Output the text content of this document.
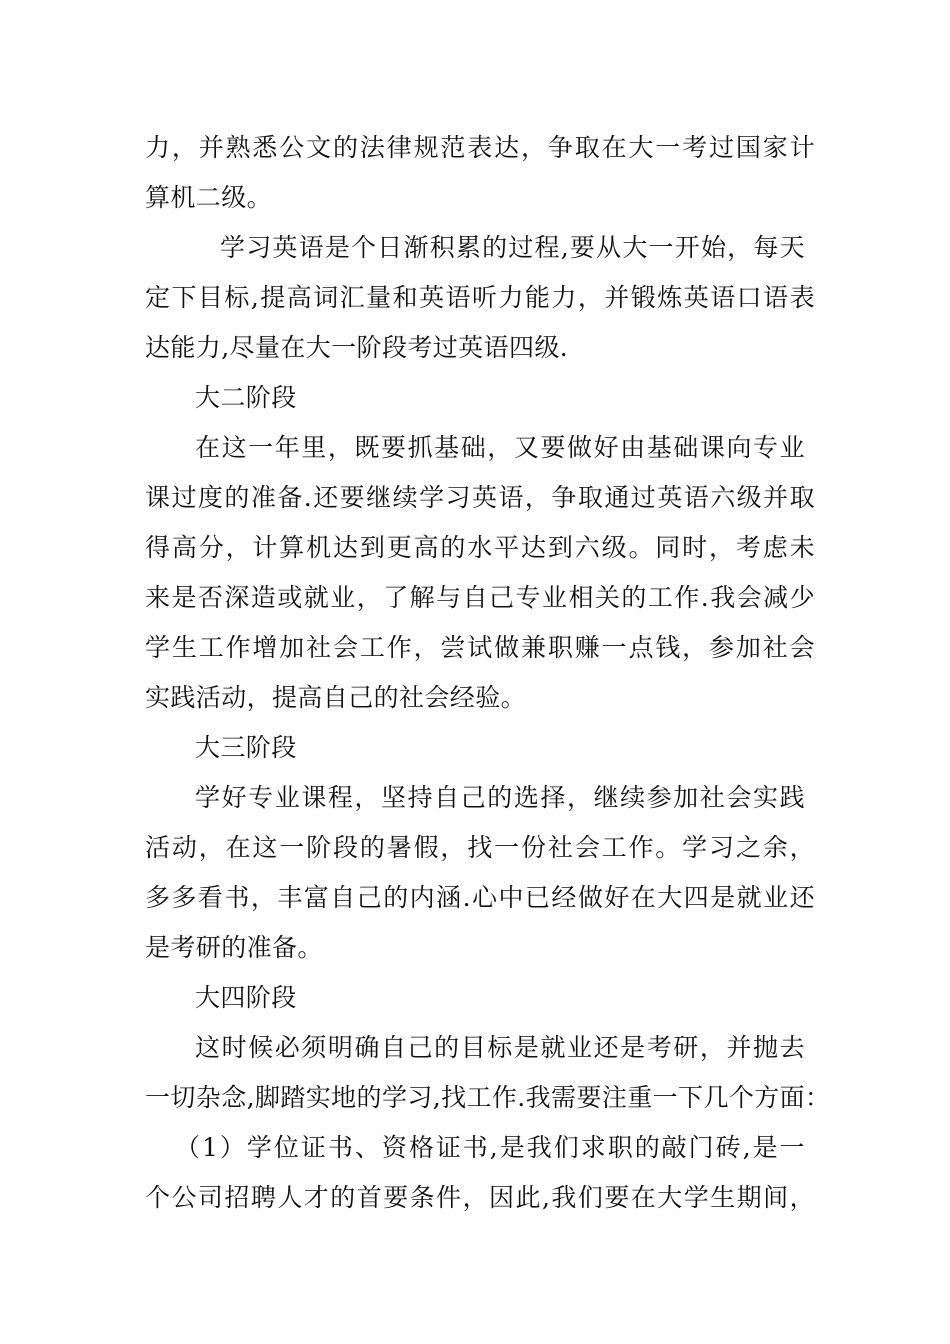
力，并熟悉公文的法律规范表达，争取在大一考过国家计
算机二级。
学习英语是个日渐积累的过程,要从大一开始，每天
定下目标,提高词汇量和英语听力能力，并锻炼英语口语表
达能力,尽量在大一阶段考过英语四级.
大二阶段
在这一年里，既要抓基础，又要做好由基础课向专业
课过度的准备.还要继续学习英语，争取通过英语六级并取
得高分，计算机达到更高的水平达到六级。同时，考虑未
来是否深造或就业，了解与自己专业相关的工作.我会减少
学生工作增加社会工作，尝试做兼职赚一点钱，参加社会
实践活动，提高自己的社会经验。
大三阶段
学好专业课程，坚持自己的选择，继续参加社会实践
活动，在这一阶段的暑假，找一份社会工作。学习之余，
多多看书，丰富自己的内涵.心中已经做好在大四是就业还
是考研的准备。
大四阶段
这时候必须明确自己的目标是就业还是考研，并抛去
一切杂念,脚踏实地的学习,找工作.我需要注重一下几个方面：
（1）学位证书、资格证书,是我们求职的敲门砖,是一
个公司招聘人才的首要条件，因此,我们要在大学生期间，
